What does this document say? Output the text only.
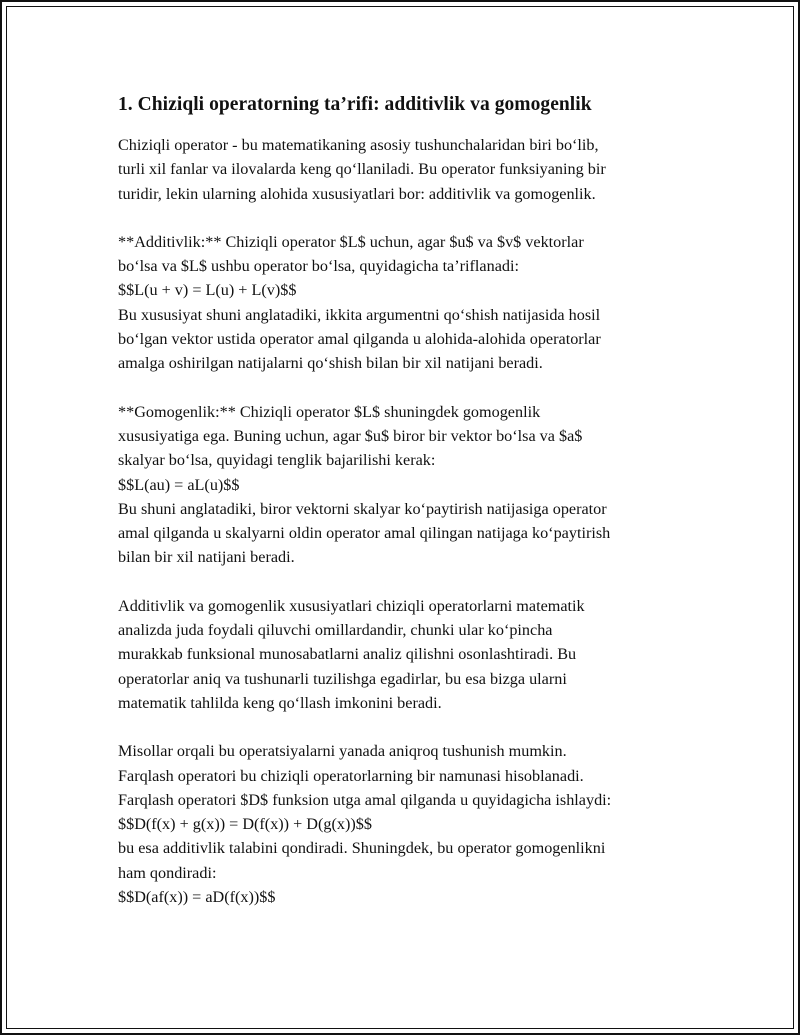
1. Chiziqli operatorning ta’rifi: additivlik va gomogenlik

Chiziqli operator - bu matematikaning asosiy tushunchalaridan biri bo‘lib,
turli xil fanlar va ilovalarda keng qo‘llaniladi. Bu operator funksiyaning bir
turidir, lekin ularning alohida xususiyatlari bor: additivlik va gomogenlik.

**Additivlik:** Chiziqli operator $L$ uchun, agar $u$ va $v$ vektorlar
bo‘lsa va $L$ ushbu operator bo‘lsa, quyidagicha ta’riflanadi:
$$L(u + v) = L(u) + L(v)$$
Bu xususiyat shuni anglatadiki, ikkita argumentni qo‘shish natijasida hosil
bo‘lgan vektor ustida operator amal qilganda u alohida-alohida operatorlar
amalga oshirilgan natijalarni qo‘shish bilan bir xil natijani beradi.

**Gomogenlik:** Chiziqli operator $L$ shuningdek gomogenlik
xususiyatiga ega. Buning uchun, agar $u$ biror bir vektor bo‘lsa va $a$
skalyar bo‘lsa, quyidagi tenglik bajarilishi kerak:
$$L(au) = aL(u)$$
Bu shuni anglatadiki, biror vektorni skalyar ko‘paytirish natijasiga operator
amal qilganda u skalyarni oldin operator amal qilingan natijaga ko‘paytirish
bilan bir xil natijani beradi.

Additivlik va gomogenlik xususiyatlari chiziqli operatorlarni matematik
analizda juda foydali qiluvchi omillardandir, chunki ular ko‘pincha
murakkab funksional munosabatlarni analiz qilishni osonlashtiradi. Bu
operatorlar aniq va tushunarli tuzilishga egadirlar, bu esa bizga ularni
matematik tahlilda keng qo‘llash imkonini beradi.

Misollar orqali bu operatsiyalarni yanada aniqroq tushunish mumkin.
Farqlash operatori bu chiziqli operatorlarning bir namunasi hisoblanadi.
Farqlash operatori $D$ funksion utga amal qilganda u quyidagicha ishlaydi:
$$D(f(x) + g(x)) = D(f(x)) + D(g(x))$$
bu esa additivlik talabini qondiradi. Shuningdek, bu operator gomogenlikni
ham qondiradi:
$$D(af(x)) = aD(f(x))$$
